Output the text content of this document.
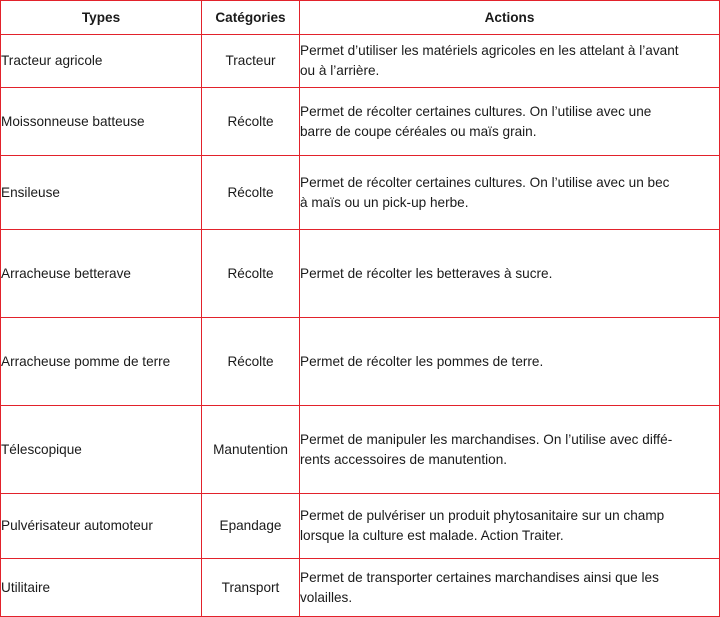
Types	Catégories	Actions
Tracteur agricole	Tracteur	Permet d’utiliser les matériels agricoles en les attelant à l’avant
ou à l’arrière.

Moissonneuse batteuse	Récolte	Permet de récolter certaines cultures. On l’utilise avec une
barre de coupe céréales ou maïs grain.

Ensileuse	Récolte	Permet de récolter certaines cultures. On l’utilise avec un bec
à maïs ou un pick-up herbe.

Arracheuse betterave	Récolte	Permet de récolter les betteraves à sucre.

Arracheuse pomme de terre	Récolte	Permet de récolter les pommes de terre.

Télescopique	Manutention	Permet de manipuler les marchandises. On l’utilise avec diffé-
rents accessoires de manutention.

Pulvérisateur automoteur	Epandage	Permet de pulvériser un produit phytosanitaire sur un champ
lorsque la culture est malade. Action Traiter.

Utilitaire	Transport	Permet de transporter certaines marchandises ainsi que les
volailles.
